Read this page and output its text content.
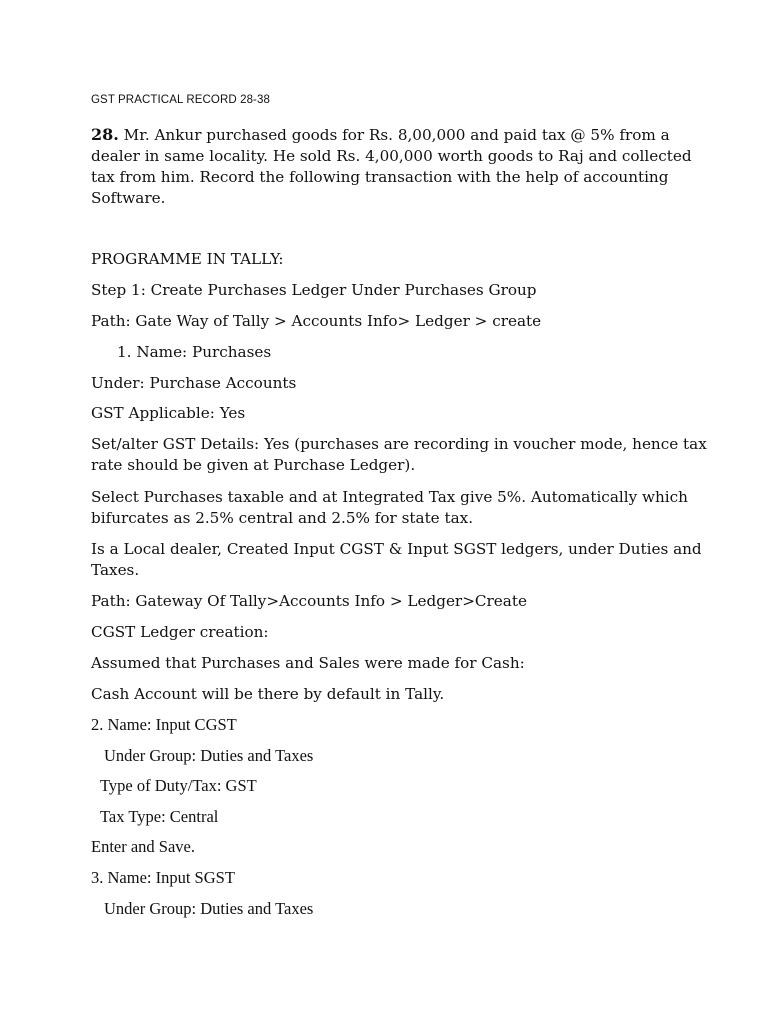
GST PRACTICAL RECORD 28-38
28. Mr. Ankur purchased goods for Rs. 8,00,000 and paid tax @ 5% from a
dealer in same locality. He sold Rs. 4,00,000 worth goods to Raj and collected
tax from him. Record the following transaction with the help of accounting
Software.
PROGRAMME IN TALLY:
Step 1: Create Purchases Ledger Under Purchases Group
Path: Gate Way of Tally > Accounts Info> Ledger > create
1. Name: Purchases
Under: Purchase Accounts
GST Applicable: Yes
Set/alter GST Details: Yes (purchases are recording in voucher mode, hence tax
rate should be given at Purchase Ledger).
Select Purchases taxable and at Integrated Tax give 5%. Automatically which
bifurcates as 2.5% central and 2.5% for state tax.
Is a Local dealer, Created Input CGST & Input SGST ledgers, under Duties and
Taxes.
Path: Gateway Of Tally>Accounts Info > Ledger>Create
CGST Ledger creation:
Assumed that Purchases and Sales were made for Cash:
Cash Account will be there by default in Tally.
2. Name: Input CGST
Under Group: Duties and Taxes
Type of Duty/Tax: GST
Tax Type: Central
Enter and Save.
3. Name: Input SGST
Under Group: Duties and Taxes
